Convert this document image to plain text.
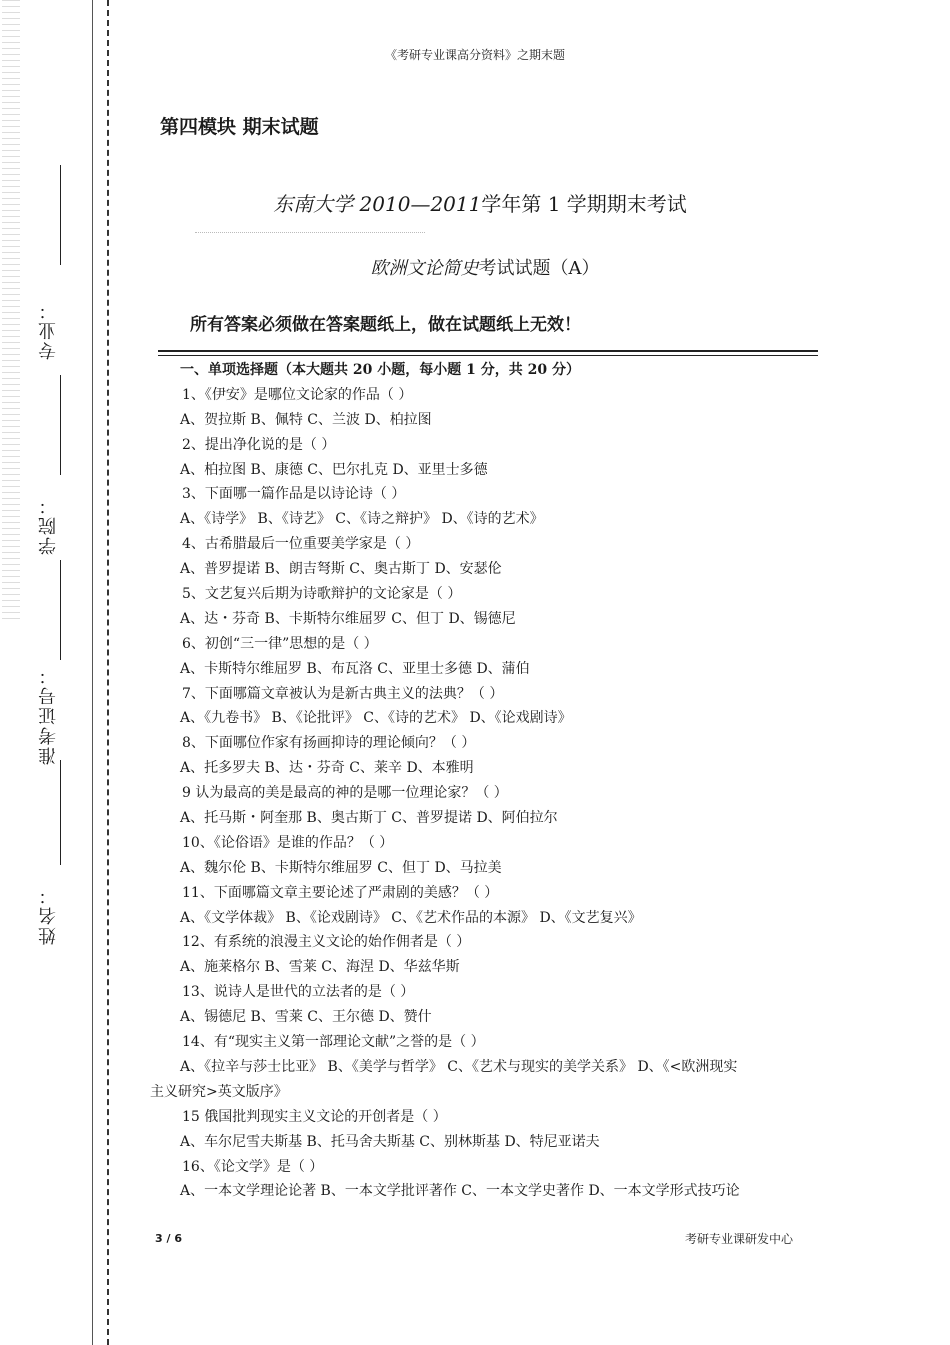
专业：
学院：
准考证号：
姓名：
《考研专业课高分资料》之期末题
第四模块 期末试题
东南大学 2010—2011学年第 1 学期期末考试
欧洲文论简史考试试题（A）
所有答案必须做在答案题纸上，做在试题纸上无效！
一、单项选择题（本大题共 20 小题，每小题 1 分，共 20 分）
1、《伊安》是哪位文论家的作品（ ）
A、贺拉斯 B、佩特 C、兰波 D、柏拉图
2、提出净化说的是（ ）
A、柏拉图 B、康德 C、巴尔扎克 D、亚里士多德
3、下面哪一篇作品是以诗论诗（ ）
A、《诗学》 B、《诗艺》 C、《诗之辩护》 D、《诗的艺术》
4、古希腊最后一位重要美学家是（ ）
A、普罗提诺 B、朗吉弩斯 C、奥古斯丁 D、安瑟伦
5、文艺复兴后期为诗歌辩护的文论家是（ ）
A、达・芬奇 B、卡斯特尔维屈罗 C、但丁 D、锡德尼
6、初创“三一律”思想的是（ ）
A、卡斯特尔维屈罗 B、布瓦洛 C、亚里士多德 D、蒲伯
7、下面哪篇文章被认为是新古典主义的法典？（ ）
A、《九卷书》 B、《论批评》 C、《诗的艺术》 D、《论戏剧诗》
8、下面哪位作家有扬画抑诗的理论倾向？（ ）
A、托多罗夫 B、达・芬奇 C、莱辛 D、本雅明
9 认为最高的美是最高的神的是哪一位理论家？（ ）
A、托马斯・阿奎那 B、奥古斯丁 C、普罗提诺 D、阿伯拉尔
10、《论俗语》是谁的作品？（ ）
A、魏尔伦 B、卡斯特尔维屈罗 C、但丁 D、马拉美
11、下面哪篇文章主要论述了严肃剧的美感？（ ）
A、《文学体裁》 B、《论戏剧诗》 C、《艺术作品的本源》 D、《文艺复兴》
12、有系统的浪漫主义文论的始作佣者是（ ）
A、施莱格尔 B、雪莱 C、海涅 D、华兹华斯
13、说诗人是世代的立法者的是（ ）
A、锡德尼 B、雪莱 C、王尔德 D、赞什
14、有“现实主义第一部理论文献”之誉的是（ ）
A、《拉辛与莎士比亚》 B、《美学与哲学》 C、《艺术与现实的美学关系》 D、《<欧洲现实
主义研究>英文版序》
15 俄国批判现实主义文论的开创者是（ ）
A、车尔尼雪夫斯基 B、托马舍夫斯基 C、别林斯基 D、特尼亚诺夫
16、《论文学》是（ ）
A、一本文学理论论著 B、一本文学批评著作 C、一本文学史著作 D、一本文学形式技巧论
3 / 6	考研专业课研发中心
